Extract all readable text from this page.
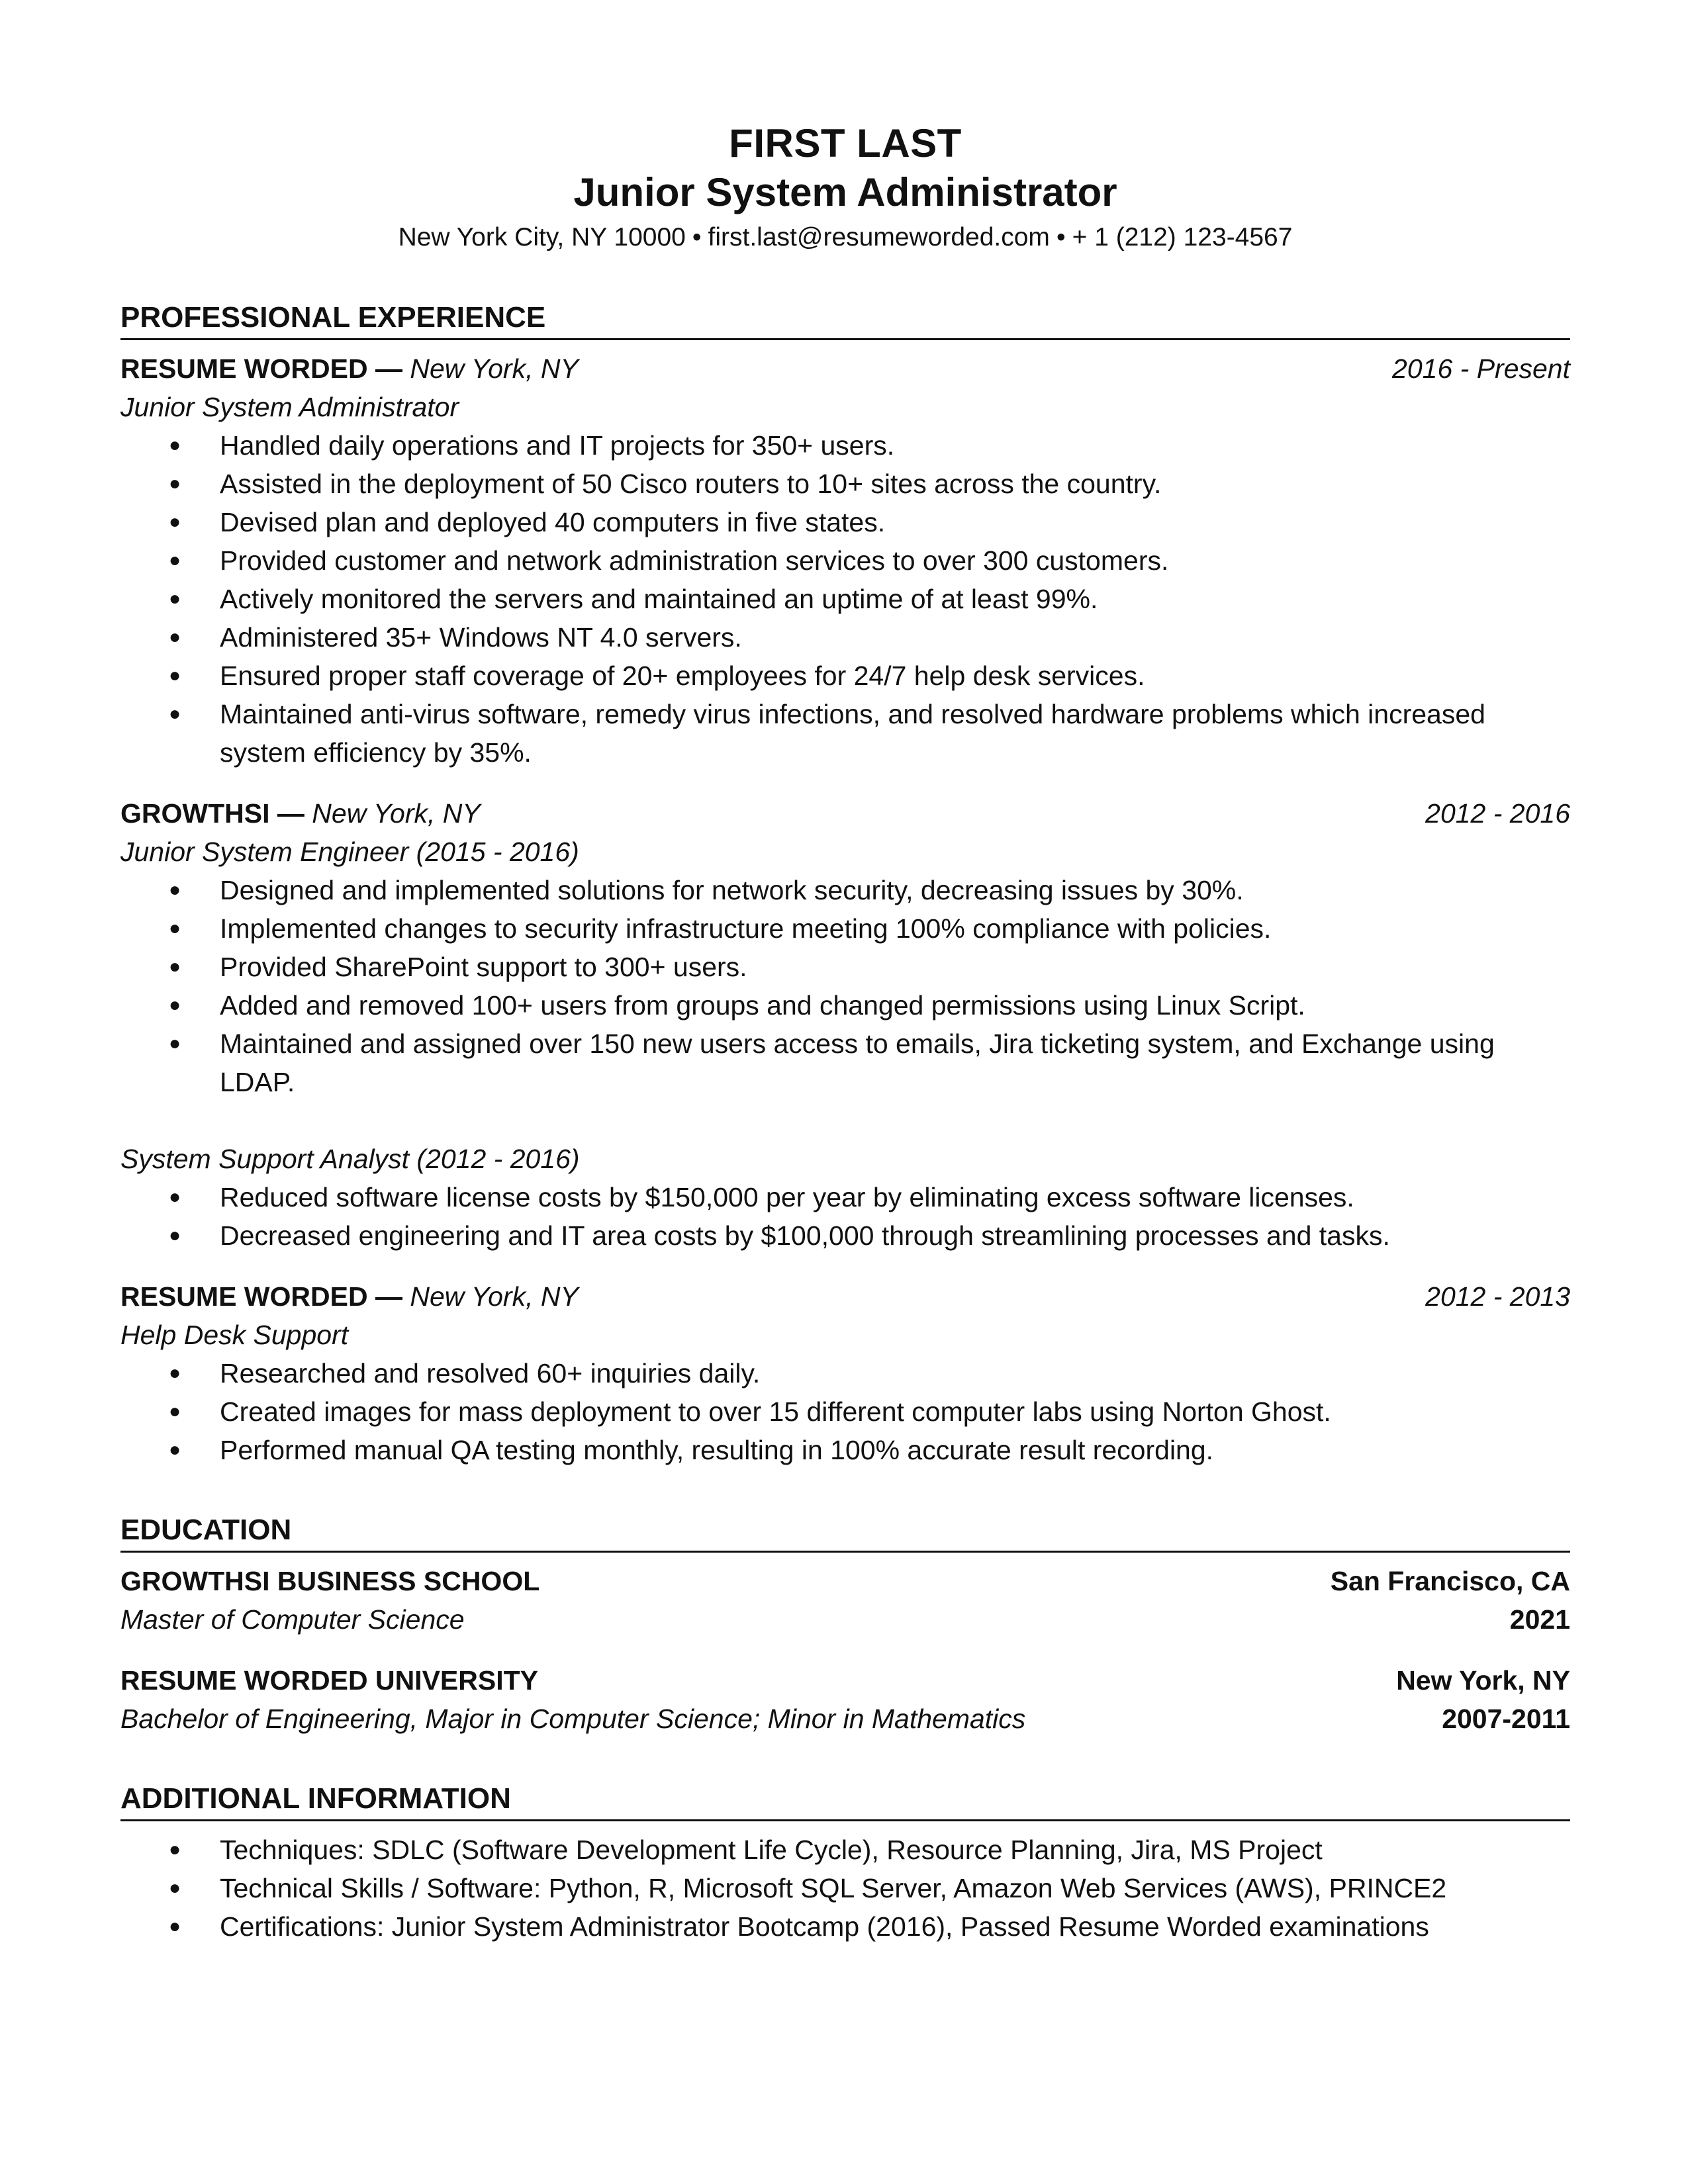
FIRST LAST
Junior System Administrator
New York City, NY 10000 • first.last@resumeworded.com • + 1 (212) 123-4567
PROFESSIONAL EXPERIENCE
RESUME WORDED — New York, NY	2016 - Present
Junior System Administrator
● Handled daily operations and IT projects for 350+ users.
● Assisted in the deployment of 50 Cisco routers to 10+ sites across the country.
● Devised plan and deployed 40 computers in five states.
● Provided customer and network administration services to over 300 customers.
● Actively monitored the servers and maintained an uptime of at least 99%.
● Administered 35+ Windows NT 4.0 servers.
● Ensured proper staff coverage of 20+ employees for 24/7 help desk services.
● Maintained anti-virus software, remedy virus infections, and resolved hardware problems which increased system efficiency by 35%.
GROWTHSI — New York, NY	2012 - 2016
Junior System Engineer (2015 - 2016)
● Designed and implemented solutions for network security, decreasing issues by 30%.
● Implemented changes to security infrastructure meeting 100% compliance with policies.
● Provided SharePoint support to 300+ users.
● Added and removed 100+ users from groups and changed permissions using Linux Script.
● Maintained and assigned over 150 new users access to emails, Jira ticketing system, and Exchange using LDAP.
System Support Analyst (2012 - 2016)
● Reduced software license costs by $150,000 per year by eliminating excess software licenses.
● Decreased engineering and IT area costs by $100,000 through streamlining processes and tasks.
RESUME WORDED — New York, NY	2012 - 2013
Help Desk Support
● Researched and resolved 60+ inquiries daily.
● Created images for mass deployment to over 15 different computer labs using Norton Ghost.
● Performed manual QA testing monthly, resulting in 100% accurate result recording.
EDUCATION
GROWTHSI BUSINESS SCHOOL	San Francisco, CA
Master of Computer Science	2021
RESUME WORDED UNIVERSITY	New York, NY
Bachelor of Engineering, Major in Computer Science; Minor in Mathematics	2007-2011
ADDITIONAL INFORMATION
● Techniques: SDLC (Software Development Life Cycle), Resource Planning, Jira, MS Project
● Technical Skills / Software: Python, R, Microsoft SQL Server, Amazon Web Services (AWS), PRINCE2
● Certifications: Junior System Administrator Bootcamp (2016), Passed Resume Worded examinations
